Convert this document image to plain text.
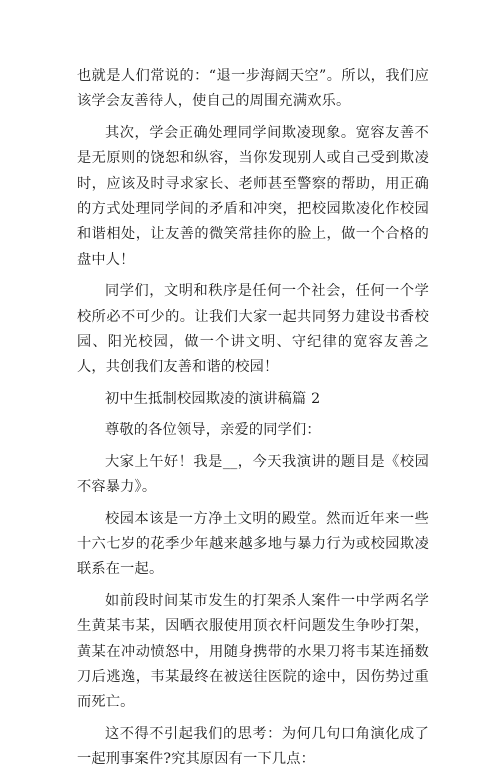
也就是人们常说的：“退一步海阔天空”。所以，我们应该学会友善待人，使自己的周围充满欢乐。

其次，学会正确处理同学间欺凌现象。宽容友善不是无原则的饶恕和纵容，当你发现别人或自己受到欺凌时，应该及时寻求家长、老师甚至警察的帮助，用正确的方式处理同学间的矛盾和冲突，把校园欺凌化作校园和谐相处，让友善的微笑常挂你的脸上，做一个合格的盘中人！

同学们，文明和秩序是任何一个社会，任何一个学校所必不可少的。让我们大家一起共同努力建设书香校园、阳光校园，做一个讲文明、守纪律的宽容友善之人，共创我们友善和谐的校园！

初中生抵制校园欺凌的演讲稿篇 2

尊敬的各位领导，亲爱的同学们：

大家上午好！我是__，今天我演讲的题目是《校园不容暴力》。

校园本该是一方净土文明的殿堂。然而近年来一些十六七岁的花季少年越来越多地与暴力行为或校园欺凌联系在一起。

如前段时间某市发生的打架杀人案件一中学两名学生黄某韦某，因晒衣服使用顶衣杆问题发生争吵打架，黄某在冲动愤怒中，用随身携带的水果刀将韦某连捅数刀后逃逸，韦某最终在被送往医院的途中，因伤势过重而死亡。

这不得不引起我们的思考：为何几句口角演化成了一起刑事案件?究其原因有一下几点：
